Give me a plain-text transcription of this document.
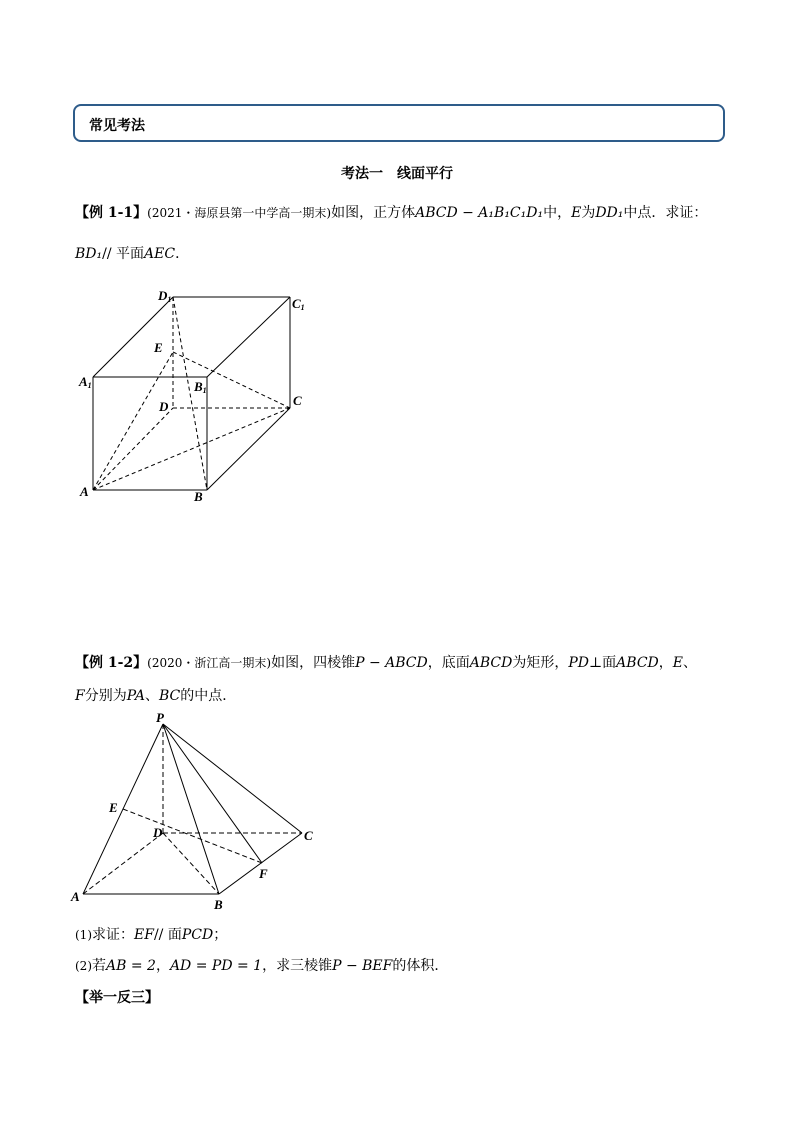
常见考法
考法一　线面平行
【例 1-1】(2021・海原县第一中学高一期末)如图，正方体ABCD − A₁B₁C₁D₁中，E为DD₁中点．求证：
BD₁// 平面AEC．
D1	C1
E
A1	B1
D	C
A	B
【例 1-2】(2020・浙江高一期末)如图，四棱锥P − ABCD，底面ABCD为矩形，PD⊥面ABCD，E、
F分别为PA、BC的中点．
P
E
D	C
F
A
B
(1)求证：EF// 面PCD；
(2)若AB = 2，AD = PD = 1，求三棱锥P − BEF的体积．
【举一反三】
